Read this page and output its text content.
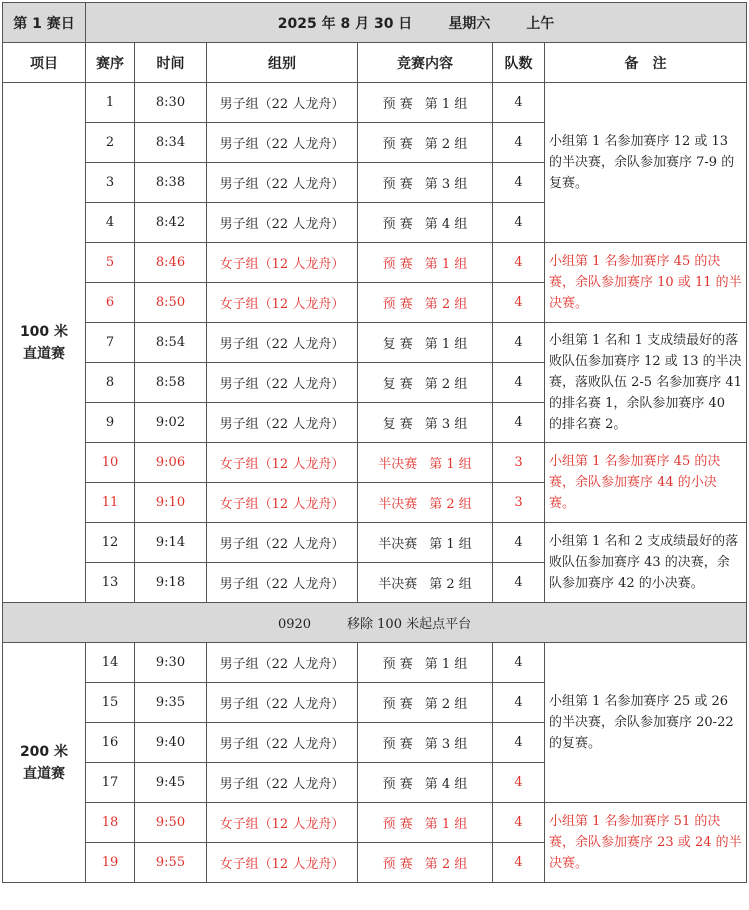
第 1 赛日	2025 年 8 月 30 日 星期六 上午					
项目	赛序	时间	组别	竞赛内容	队数	备　注
100 米
直道赛	1	8:30	男子组（22 人龙舟）	预 赛 第 1 组	4	小组第 1 名参加赛序 12 或 13 的半决赛，余队参加赛序 7-9 的复赛。
	2	8:34	男子组（22 人龙舟）	预 赛 第 2 组	4	
	3	8:38	男子组（22 人龙舟）	预 赛 第 3 组	4	
	4	8:42	男子组（22 人龙舟）	预 赛 第 4 组	4	
	5	8:46	女子组（12 人龙舟）	预 赛 第 1 组	4	小组第 1 名参加赛序 45 的决赛，余队参加赛序 10 或 11 的半决赛。
	6	8:50	女子组（12 人龙舟）	预 赛 第 2 组	4	
	7	8:54	男子组（22 人龙舟）	复 赛 第 1 组	4	小组第 1 名和 1 支成绩最好的落败队伍参加赛序 12 或 13 的半决赛，落败队伍 2-5 名参加赛序 41 的排名赛 1，余队参加赛序 40 的排名赛 2。
	8	8:58	男子组（22 人龙舟）	复 赛 第 2 组	4	
	9	9:02	男子组（22 人龙舟）	复 赛 第 3 组	4	
	10	9:06	女子组（12 人龙舟）	半决赛 第 1 组	3	小组第 1 名参加赛序 45 的决赛，余队参加赛序 44 的小决赛。
	11	9:10	女子组（12 人龙舟）	半决赛 第 2 组	3	
	12	9:14	男子组（22 人龙舟）	半决赛 第 1 组	4	小组第 1 名和 2 支成绩最好的落败队伍参加赛序 43 的决赛，余队参加赛序 42 的小决赛。
	13	9:18	男子组（22 人龙舟）	半决赛 第 2 组	4	
0920 移除 100 米起点平台						
200 米
直道赛	14	9:30	男子组（22 人龙舟）	预 赛 第 1 组	4	小组第 1 名参加赛序 25 或 26 的半决赛，余队参加赛序 20-22 的复赛。
	15	9:35	男子组（22 人龙舟）	预 赛 第 2 组	4	
	16	9:40	男子组（22 人龙舟）	预 赛 第 3 组	4	
	17	9:45	男子组（22 人龙舟）	预 赛 第 4 组	4	
	18	9:50	女子组（12 人龙舟）	预 赛 第 1 组	4	小组第 1 名参加赛序 51 的决赛，余队参加赛序 23 或 24 的半决赛。
	19	9:55	女子组（12 人龙舟）	预 赛 第 2 组	4	
